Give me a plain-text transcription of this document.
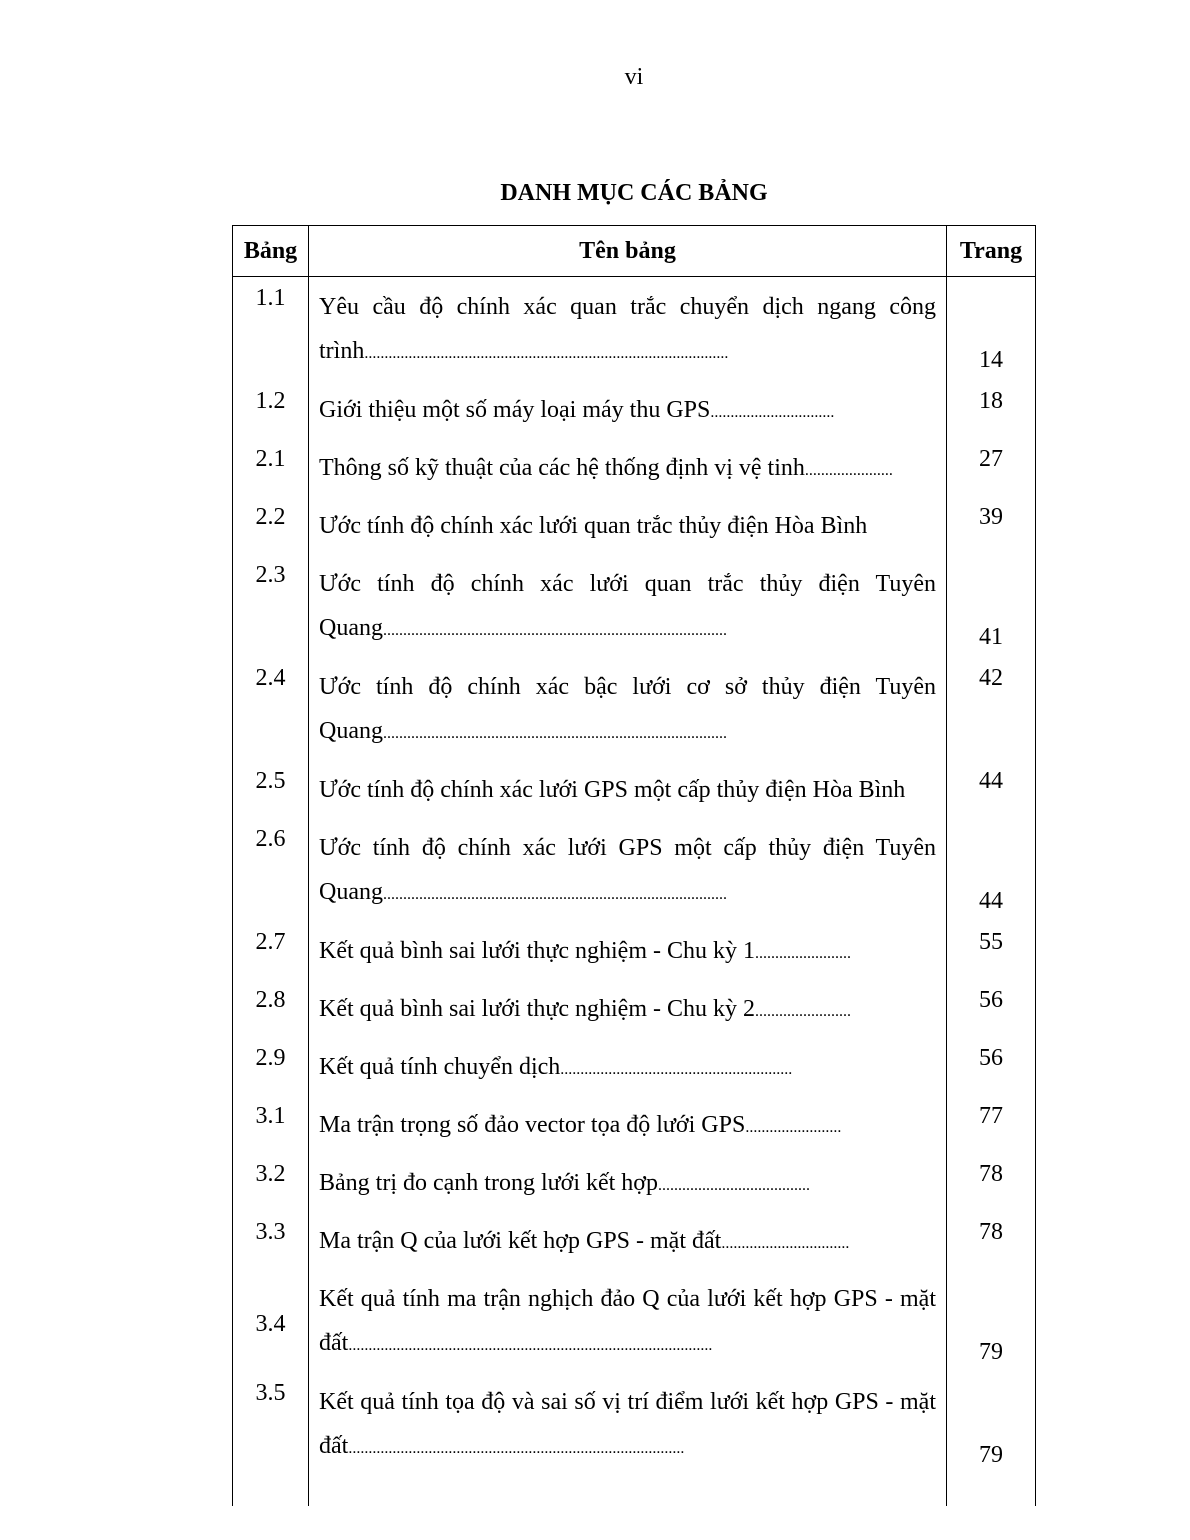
vi
DANH MỤC CÁC BẢNG
Bảng	Tên bảng	Trang
1.1	Yêu cầu độ chính xác quan trắc chuyển dịch ngang công trình...........................................................................................	14
1.2	Giới thiệu một số máy loại máy thu GPS...............................	18
2.1	Thông số kỹ thuật của các hệ thống định vị vệ tinh......................	27
2.2	Ước tính độ chính xác lưới quan trắc thủy điện Hòa Bình	39
2.3	Ước tính độ chính xác lưới quan trắc thủy điện Tuyên Quang......................................................................................	41
2.4	Ước tính độ chính xác bậc lưới cơ sở thủy điện Tuyên Quang......................................................................................	42
2.5	Ước tính độ chính xác lưới GPS một cấp thủy điện Hòa Bình	44
2.6	Ước tính độ chính xác lưới GPS một cấp thủy điện Tuyên Quang......................................................................................	44
2.7	Kết quả bình sai lưới thực nghiệm - Chu kỳ 1........................	55
2.8	Kết quả bình sai lưới thực nghiệm - Chu kỳ 2........................	56
2.9	Kết quả tính chuyển dịch..........................................................	56
3.1	Ma trận trọng số đảo vector tọa độ lưới GPS........................	77
3.2	Bảng trị đo cạnh trong lưới kết hợp......................................	78
3.3	Ma trận Q của lưới kết hợp GPS - mặt đất................................	78
3.4	Kết quả tính ma trận nghịch đảo Q của lưới kết hợp GPS - mặt đất...........................................................................................	79
3.5	Kết quả tính tọa độ và sai số vị trí điểm lưới kết hợp GPS - mặt đất....................................................................................	79
